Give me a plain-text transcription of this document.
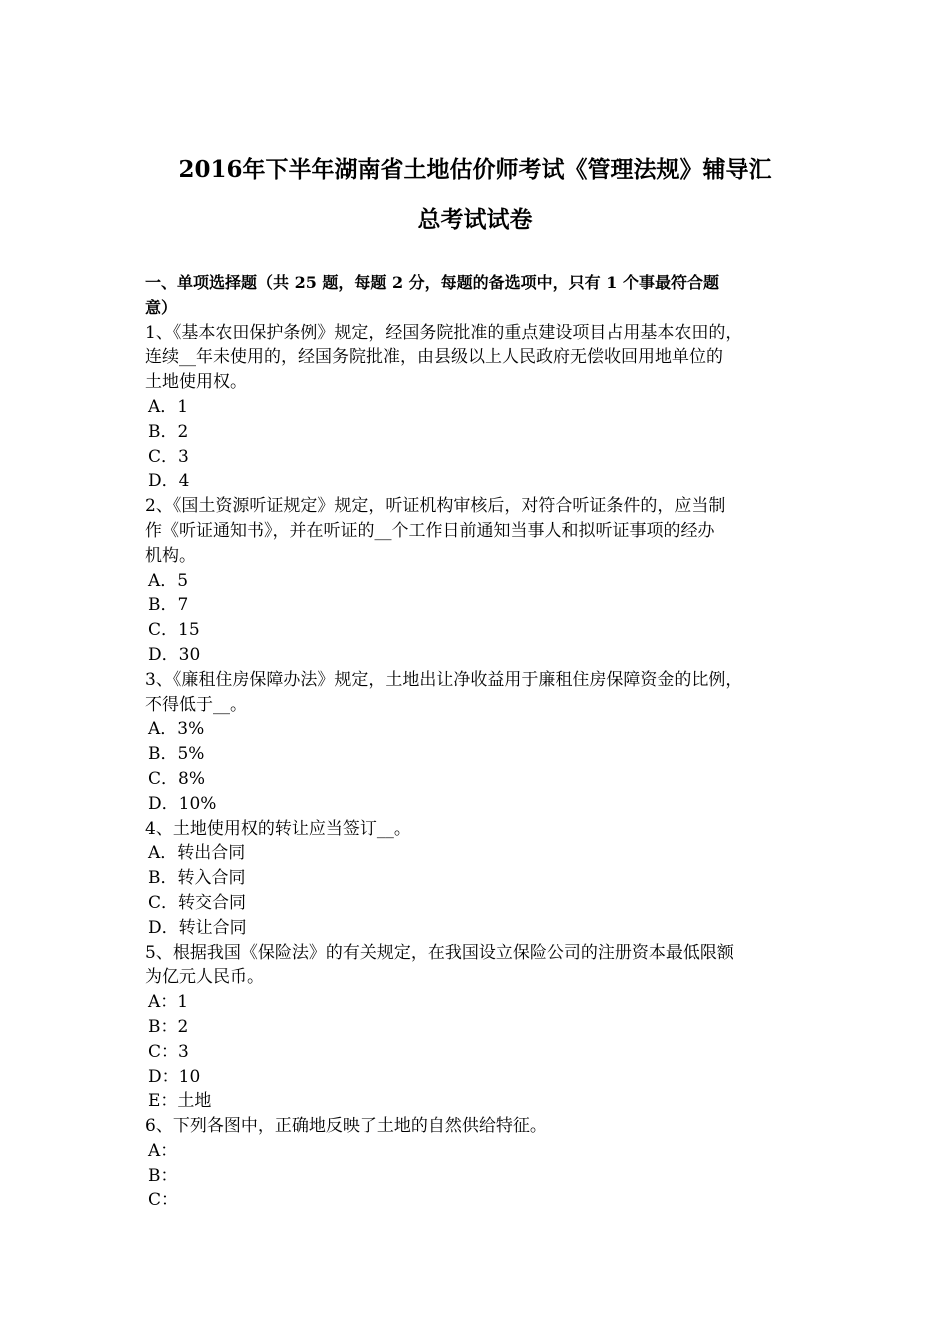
2016年下半年湖南省土地估价师考试《管理法规》辅导汇
总考试试卷
一、单项选择题（共 25 题，每题 2 分，每题的备选项中，只有 1 个事最符合题
意）
1、《基本农田保护条例》规定，经国务院批准的重点建设项目占用基本农田的，
连续__年未使用的，经国务院批准，由县级以上人民政府无偿收回用地单位的
土地使用权。
A．1
B．2
C．3
D．4
2、《国土资源听证规定》规定，听证机构审核后，对符合听证条件的，应当制
作《听证通知书》，并在听证的__个工作日前通知当事人和拟听证事项的经办
机构。
A．5
B．7
C．15
D．30
3、《廉租住房保障办法》规定，土地出让净收益用于廉租住房保障资金的比例，
不得低于__。
A．3%
B．5%
C．8%
D．10%
4、土地使用权的转让应当签订__。
A．转出合同
B．转入合同
C．转交合同
D．转让合同
5、根据我国《保险法》的有关规定，在我国设立保险公司的注册资本最低限额
为亿元人民币。
A：1
B：2
C：3
D：10
E：土地
6、下列各图中，正确地反映了土地的自然供给特征。
A：
B：
C：
